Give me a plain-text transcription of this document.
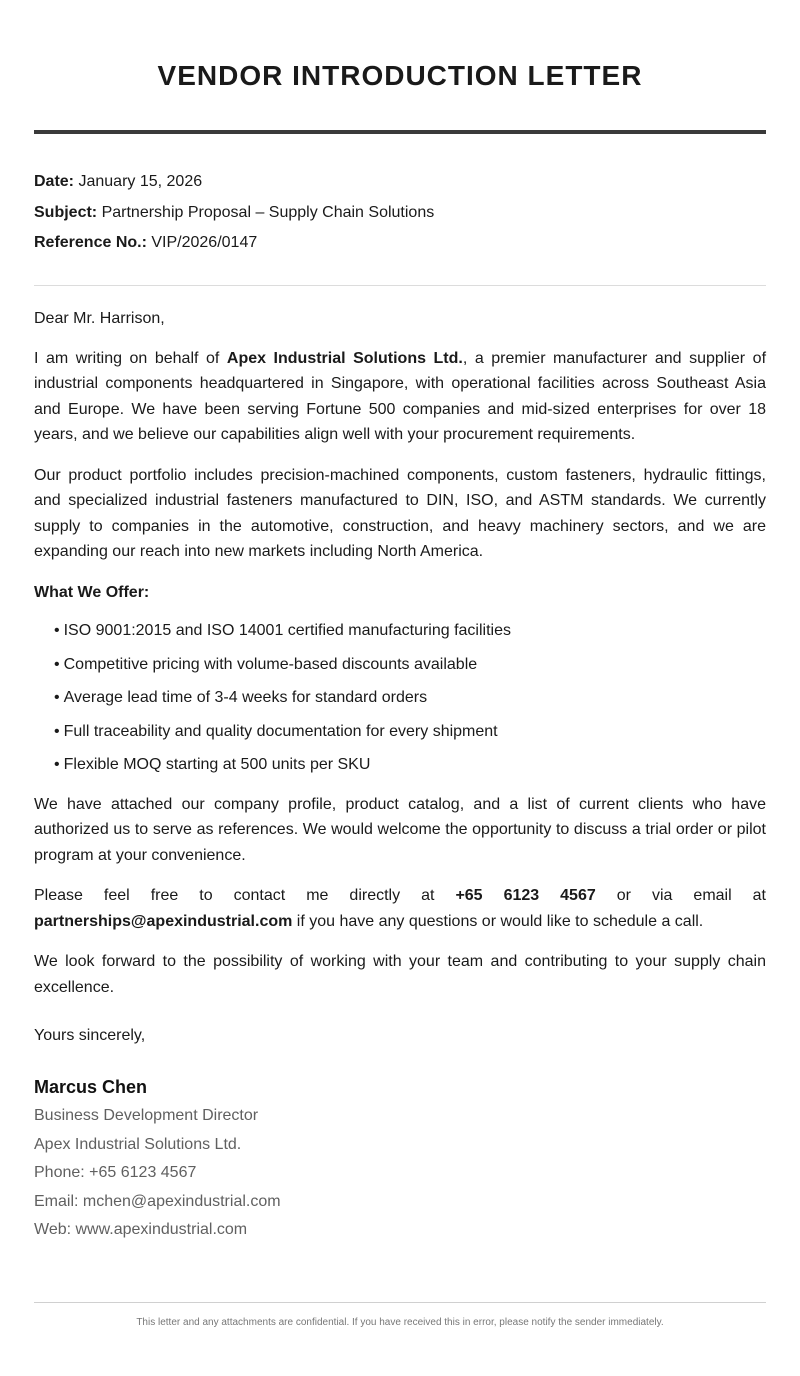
VENDOR INTRODUCTION LETTER
Date: January 15, 2026
Subject: Partnership Proposal – Supply Chain Solutions
Reference No.: VIP/2026/0147

Dear Mr. Harrison,

I am writing on behalf of Apex Industrial Solutions Ltd., a premier manufacturer and supplier of industrial components headquartered in Singapore, with operational facilities across Southeast Asia and Europe. We have been serving Fortune 500 companies and mid-sized enterprises for over 18 years, and we believe our capabilities align well with your procurement requirements.

Our product portfolio includes precision-machined components, custom fasteners, hydraulic fittings, and specialized industrial fasteners manufactured to DIN, ISO, and ASTM standards. We currently supply to companies in the automotive, construction, and heavy machinery sectors, and we are expanding our reach into new markets including North America.

What We Offer:

• ISO 9001:2015 and ISO 14001 certified manufacturing facilities
• Competitive pricing with volume-based discounts available
• Average lead time of 3-4 weeks for standard orders
• Full traceability and quality documentation for every shipment
• Flexible MOQ starting at 500 units per SKU

We have attached our company profile, product catalog, and a list of current clients who have authorized us to serve as references. We would welcome the opportunity to discuss a trial order or pilot program at your convenience.

Please feel free to contact me directly at +65 6123 4567 or via email at partnerships@apexindustrial.com if you have any questions or would like to schedule a call.

We look forward to the possibility of working with your team and contributing to your supply chain excellence.

Yours sincerely,
Marcus Chen
Business Development Director
Apex Industrial Solutions Ltd.
Phone: +65 6123 4567
Email: mchen@apexindustrial.com
Web: www.apexindustrial.com
This letter and any attachments are confidential. If you have received this in error, please notify the sender immediately.
